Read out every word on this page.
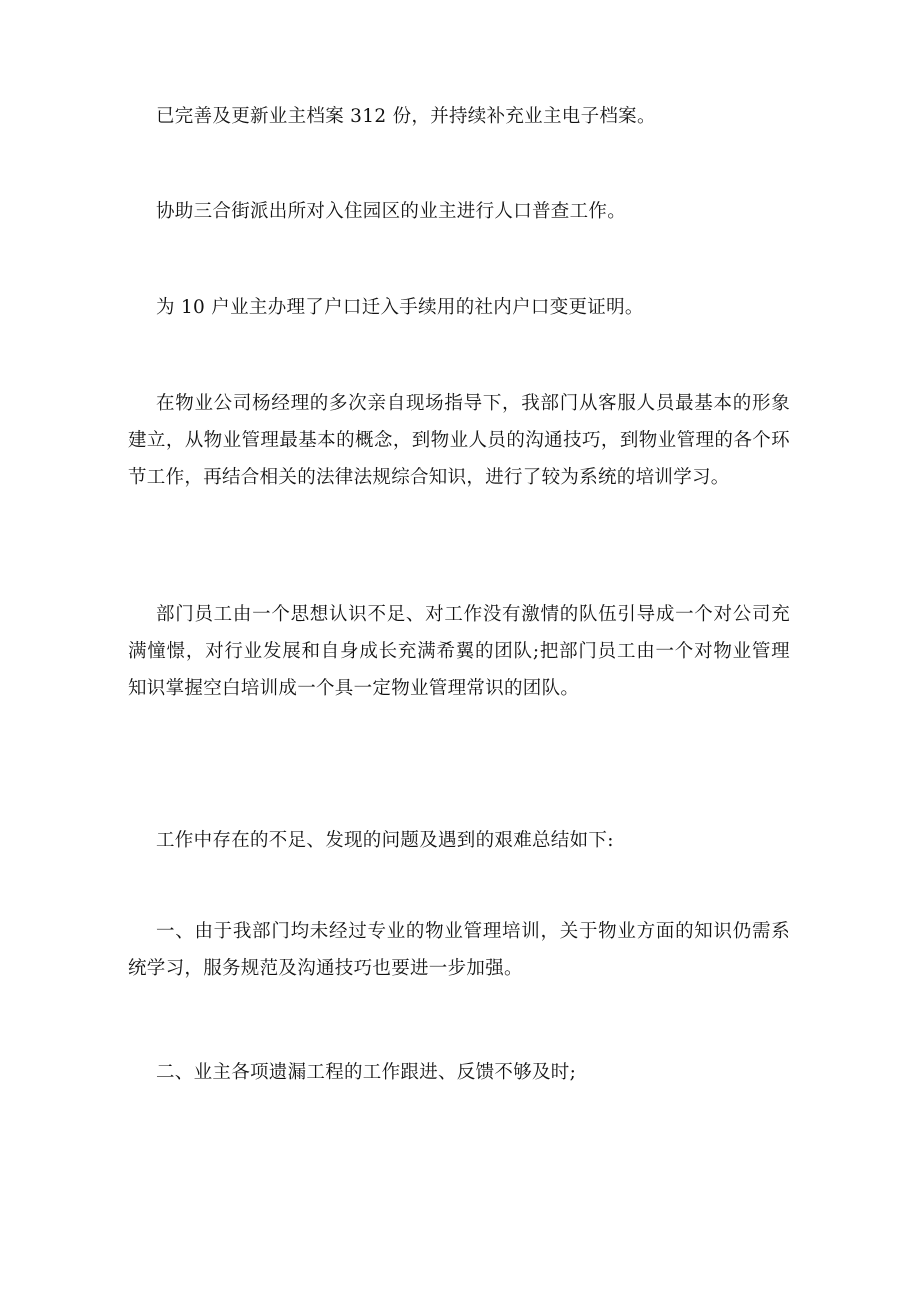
已完善及更新业主档案 312 份，并持续补充业主电子档案。

协助三合街派出所对入住园区的业主进行人口普查工作。

为 10 户业主办理了户口迁入手续用的社内户口变更证明。

在物业公司杨经理的多次亲自现场指导下，我部门从客服人员最基本的形象建立，从物业管理最基本的概念，到物业人员的沟通技巧，到物业管理的各个环节工作，再结合相关的法律法规综合知识，进行了较为系统的培训学习。

部门员工由一个思想认识不足、对工作没有激情的队伍引导成一个对公司充满憧憬，对行业发展和自身成长充满希翼的团队;把部门员工由一个对物业管理知识掌握空白培训成一个具一定物业管理常识的团队。

工作中存在的不足、发现的问题及遇到的艰难总结如下:

一、由于我部门均未经过专业的物业管理培训，关于物业方面的知识仍需系统学习，服务规范及沟通技巧也要进一步加强。

二、业主各项遗漏工程的工作跟进、反馈不够及时;
